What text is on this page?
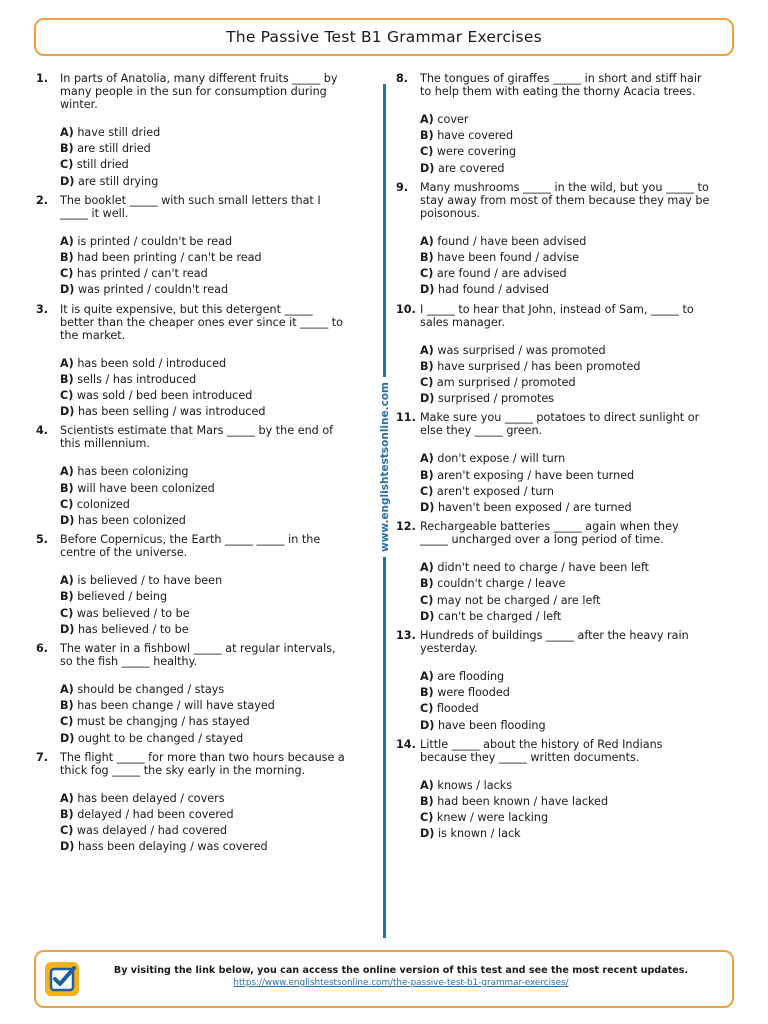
The Passive Test B1 Grammar Exercises
1.	In parts of Anatolia, many different fruits _____ by many people in the sun for consumption during winter.
A) have still dried
B) are still dried
C) still dried
D) are still drying
2.	The booklet _____ with such small letters that I _____ it well.
A) is printed / couldn't be read
B) had been printing / can't be read
C) has printed / can't read
D) was printed / couldn't read
3.	It is quite expensive, but this detergent _____ better than the cheaper ones ever since it _____ to the market.
A) has been sold / introduced
B) sells / has introduced
C) was sold / bed been introduced
D) has been selling / was introduced
4.	Scientists estimate that Mars _____ by the end of this millennium.
A) has been colonizing
B) will have been colonized
C) colonized
D) has been colonized
5.	Before Copernicus, the Earth _____ _____ in the centre of the universe.
A) is believed / to have been
B) believed / being
C) was believed / to be
D) has believed / to be
6.	The water in a fishbowl _____ at regular intervals, so the fish _____ healthy.
A) should be changed / stays
B) has been change / will have stayed
C) must be changjng / has stayed
D) ought to be changed / stayed
7.	The flight _____ for more than two hours because a thick fog _____ the sky early in the morning.
A) has been delayed / covers
B) delayed / had been covered
C) was delayed / had covered
D) hass been delaying / was covered
8.	The tongues of giraffes _____ in short and stiff hair to help them with eating the thorny Acacia trees.
A) cover
B) have covered
C) were covering
D) are covered
9.	Many mushrooms _____ in the wild, but you _____ to stay away from most of them because they may be poisonous.
A) found / have been advised
B) have been found / advise
C) are found / are advised
D) had found / advised
10. I _____ to hear that John, instead of Sam, _____ to sales manager.
A) was surprised / was promoted
B) have surprised / has been promoted
C) am surprised / promoted
D) surprised / promotes
11. Make sure you _____ potatoes to direct sunlight or else they _____ green.
A) don't expose / will turn
B) aren't exposing / have been turned
C) aren't exposed / turn
D) haven't been exposed / are turned
12. Rechargeable batteries _____ again when they _____ uncharged over a long period of time.
A) didn't need to charge / have been left
B) couldn't charge / leave
C) may not be charged / are left
D) can't be charged / left
13. Hundreds of buildings _____ after the heavy rain yesterday.
A) are flooding
B) were flooded
C) flooded
D) have been flooding
14. Little _____ about the history of Red Indians because they _____ written documents.
A) knows / lacks
B) had been known / have lacked
C) knew / were lacking
D) is known / lack
www.englishtestsonline.com
By visiting the link below, you can access the online version of this test and see the most recent updates.
https://www.englishtestsonline.com/the-passive-test-b1-grammar-exercises/
